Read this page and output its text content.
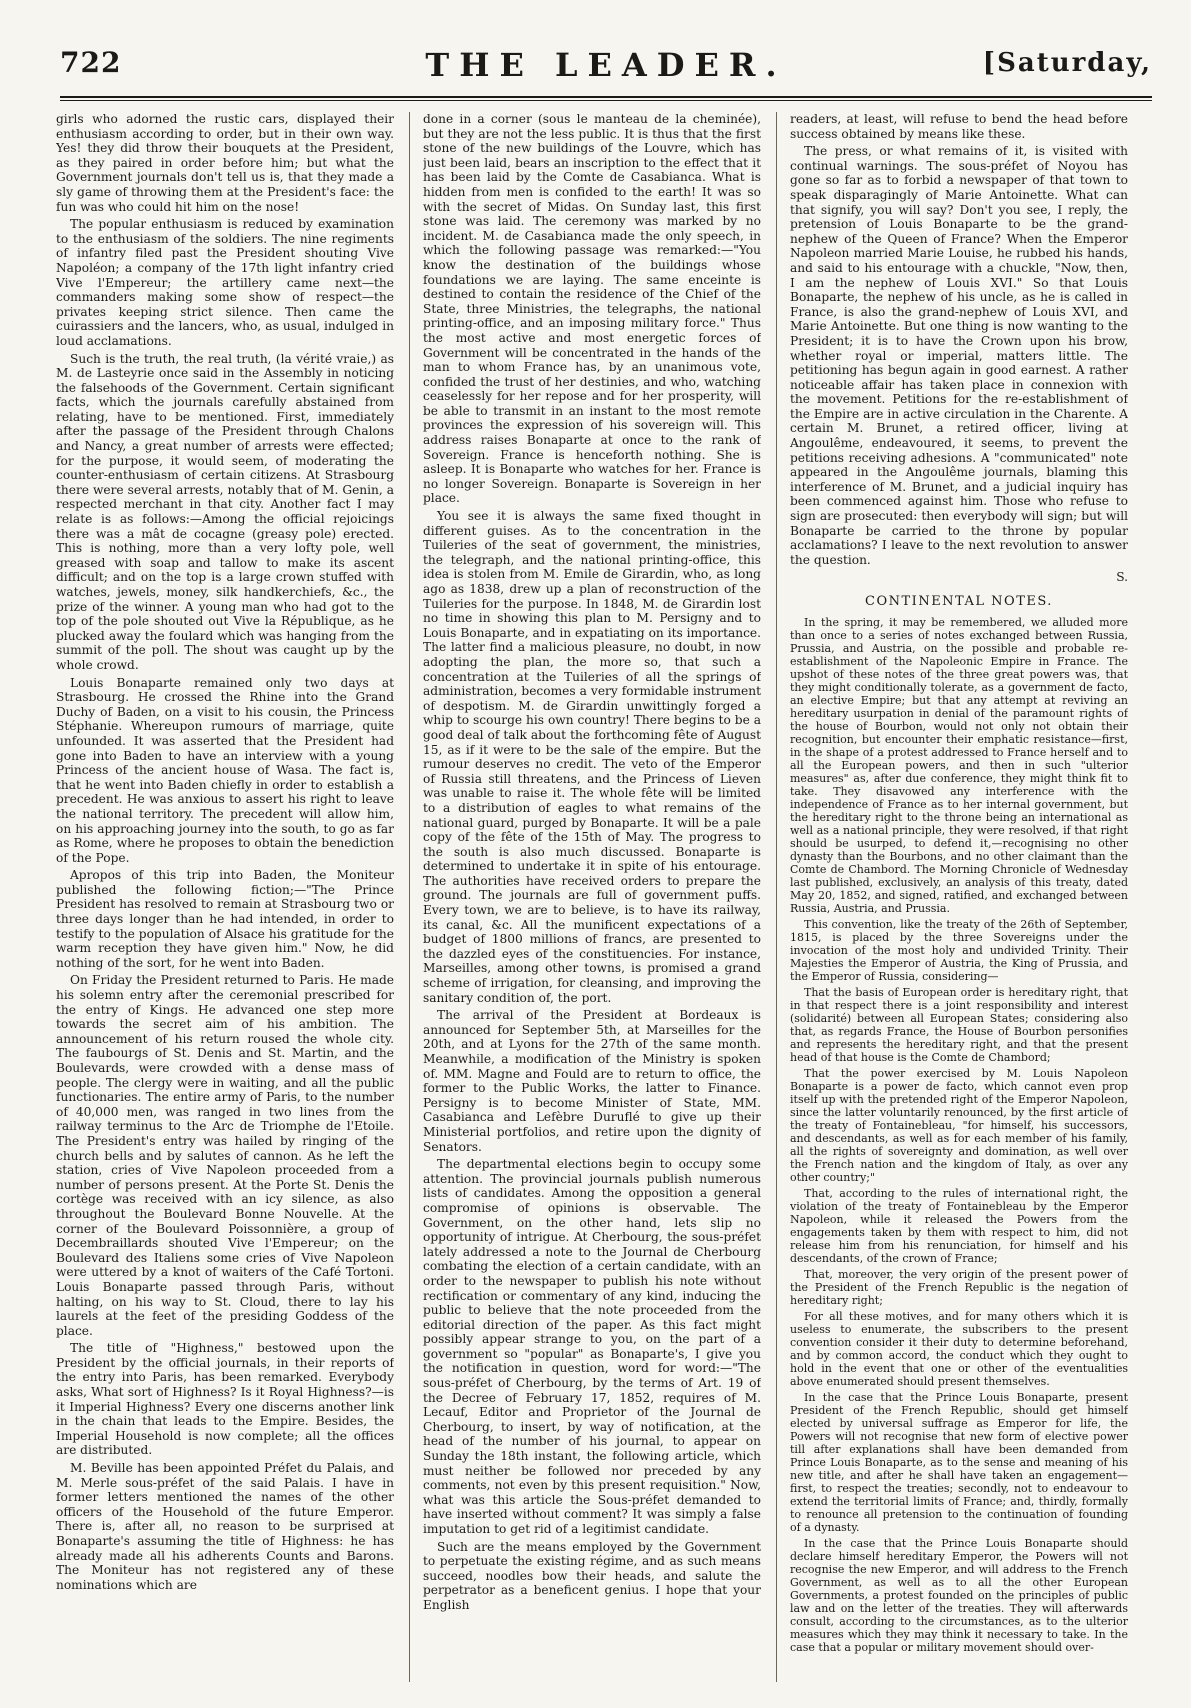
722	THE LEADER.	[Saturday,

girls who adorned the rustic cars, displayed their enthusiasm according to order, but in their own way. Yes! they did throw their bouquets at the President, as they paired in order before him; but what the Government journals don't tell us is, that they made a sly game of throwing them at the President's face: the fun was who could hit him on the nose!

The popular enthusiasm is reduced by examination to the enthusiasm of the soldiers. The nine regiments of infantry filed past the President shouting Vive Napoléon; a company of the 17th light infantry cried Vive l'Empereur; the artillery came next—the commanders making some show of respect—the privates keeping strict silence. Then came the cuirassiers and the lancers, who, as usual, indulged in loud acclamations.

Such is the truth, the real truth, (la vérité vraie,) as M. de Lasteyrie once said in the Assembly in noticing the falsehoods of the Government. Certain significant facts, which the journals carefully abstained from relating, have to be mentioned. First, immediately after the passage of the President through Chalons and Nancy, a great number of arrests were effected; for the purpose, it would seem, of moderating the counter-enthusiasm of certain citizens. At Strasbourg there were several arrests, notably that of M. Genin, a respected merchant in that city. Another fact I may relate is as follows:—Among the official rejoicings there was a mât de cocagne (greasy pole) erected. This is nothing, more than a very lofty pole, well greased with soap and tallow to make its ascent difficult; and on the top is a large crown stuffed with watches, jewels, money, silk handkerchiefs, &c., the prize of the winner. A young man who had got to the top of the pole shouted out Vive la République, as he plucked away the foulard which was hanging from the summit of the poll. The shout was caught up by the whole crowd.

Louis Bonaparte remained only two days at Strasbourg. He crossed the Rhine into the Grand Duchy of Baden, on a visit to his cousin, the Princess Stéphanie. Whereupon rumours of marriage, quite unfounded. It was asserted that the President had gone into Baden to have an interview with a young Princess of the ancient house of Wasa. The fact is, that he went into Baden chiefly in order to establish a precedent. He was anxious to assert his right to leave the national territory. The precedent will allow him, on his approaching journey into the south, to go as far as Rome, where he proposes to obtain the benediction of the Pope.

Apropos of this trip into Baden, the Moniteur published the following fiction;—"The Prince President has resolved to remain at Strasbourg two or three days longer than he had intended, in order to testify to the population of Alsace his gratitude for the warm reception they have given him." Now, he did nothing of the sort, for he went into Baden.

On Friday the President returned to Paris. He made his solemn entry after the ceremonial prescribed for the entry of Kings. He advanced one step more towards the secret aim of his ambition. The announcement of his return roused the whole city. The faubourgs of St. Denis and St. Martin, and the Boulevards, were crowded with a dense mass of people. The clergy were in waiting, and all the public functionaries. The entire army of Paris, to the number of 40,000 men, was ranged in two lines from the railway terminus to the Arc de Triomphe de l'Etoile. The President's entry was hailed by ringing of the church bells and by salutes of cannon. As he left the station, cries of Vive Napoleon proceeded from a number of persons present. At the Porte St. Denis the cortège was received with an icy silence, as also throughout the Boulevard Bonne Nouvelle. At the corner of the Boulevard Poissonnière, a group of Decembraillards shouted Vive l'Empereur; on the Boulevard des Italiens some cries of Vive Napoleon were uttered by a knot of waiters of the Café Tortoni. Louis Bonaparte passed through Paris, without halting, on his way to St. Cloud, there to lay his laurels at the feet of the presiding Goddess of the place.

The title of "Highness," bestowed upon the President by the official journals, in their reports of the entry into Paris, has been remarked. Everybody asks, What sort of Highness? Is it Royal Highness?—is it Imperial Highness? Every one discerns another link in the chain that leads to the Empire. Besides, the Imperial Household is now complete; all the offices are distributed.

M. Beville has been appointed Préfet du Palais, and M. Merle sous-préfet of the said Palais. I have in former letters mentioned the names of the other officers of the Household of the future Emperor. There is, after all, no reason to be surprised at Bonaparte's assuming the title of Highness: he has already made all his adherents Counts and Barons. The Moniteur has not registered any of these nominations which are

done in a corner (sous le manteau de la cheminée), but they are not the less public. It is thus that the first stone of the new buildings of the Louvre, which has just been laid, bears an inscription to the effect that it has been laid by the Comte de Casabianca. What is hidden from men is confided to the earth! It was so with the secret of Midas. On Sunday last, this first stone was laid. The ceremony was marked by no incident. M. de Casabianca made the only speech, in which the following passage was remarked:—"You know the destination of the buildings whose foundations we are laying. The same enceinte is destined to contain the residence of the Chief of the State, three Ministries, the telegraphs, the national printing-office, and an imposing military force." Thus the most active and most energetic forces of Government will be concentrated in the hands of the man to whom France has, by an unanimous vote, confided the trust of her destinies, and who, watching ceaselessly for her repose and for her prosperity, will be able to transmit in an instant to the most remote provinces the expression of his sovereign will. This address raises Bonaparte at once to the rank of Sovereign. France is henceforth nothing. She is asleep. It is Bonaparte who watches for her. France is no longer Sovereign. Bonaparte is Sovereign in her place.

You see it is always the same fixed thought in different guises. As to the concentration in the Tuileries of the seat of government, the ministries, the telegraph, and the national printing-office, this idea is stolen from M. Emile de Girardin, who, as long ago as 1838, drew up a plan of reconstruction of the Tuileries for the purpose. In 1848, M. de Girardin lost no time in showing this plan to M. Persigny and to Louis Bonaparte, and in expatiating on its importance. The latter find a malicious pleasure, no doubt, in now adopting the plan, the more so, that such a concentration at the Tuileries of all the springs of administration, becomes a very formidable instrument of despotism. M. de Girardin unwittingly forged a whip to scourge his own country! There begins to be a good deal of talk about the forthcoming fête of August 15, as if it were to be the sale of the empire. But the rumour deserves no credit. The veto of the Emperor of Russia still threatens, and the Princess of Lieven was unable to raise it. The whole fête will be limited to a distribution of eagles to what remains of the national guard, purged by Bonaparte. It will be a pale copy of the fête of the 15th of May. The progress to the south is also much discussed. Bonaparte is determined to undertake it in spite of his entourage. The authorities have received orders to prepare the ground. The journals are full of government puffs. Every town, we are to believe, is to have its railway, its canal, &c. All the munificent expectations of a budget of 1800 millions of francs, are presented to the dazzled eyes of the constituencies. For instance, Marseilles, among other towns, is promised a grand scheme of irrigation, for cleansing, and improving the sanitary condition of, the port.

The arrival of the President at Bordeaux is announced for September 5th, at Marseilles for the 20th, and at Lyons for the 27th of the same month. Meanwhile, a modification of the Ministry is spoken of. MM. Magne and Fould are to return to office, the former to the Public Works, the latter to Finance. Persigny is to become Minister of State, MM. Casabianca and Lefèbre Duruflé to give up their Ministerial portfolios, and retire upon the dignity of Senators.

The departmental elections begin to occupy some attention. The provincial journals publish numerous lists of candidates. Among the opposition a general compromise of opinions is observable. The Government, on the other hand, lets slip no opportunity of intrigue. At Cherbourg, the sous-préfet lately addressed a note to the Journal de Cherbourg combating the election of a certain candidate, with an order to the newspaper to publish his note without rectification or commentary of any kind, inducing the public to believe that the note proceeded from the editorial direction of the paper. As this fact might possibly appear strange to you, on the part of a government so "popular" as Bonaparte's, I give you the notification in question, word for word:—"The sous-préfet of Cherbourg, by the terms of Art. 19 of the Decree of February 17, 1852, requires of M. Lecauf, Editor and Proprietor of the Journal de Cherbourg, to insert, by way of notification, at the head of the number of his journal, to appear on Sunday the 18th instant, the following article, which must neither be followed nor preceded by any comments, not even by this present requisition." Now, what was this article the Sous-préfet demanded to have inserted without comment? It was simply a false imputation to get rid of a legitimist candidate.

Such are the means employed by the Government to perpetuate the existing régime, and as such means succeed, noodles bow their heads, and salute the perpetrator as a beneficent genius. I hope that your English

readers, at least, will refuse to bend the head before success obtained by means like these.

The press, or what remains of it, is visited with continual warnings. The sous-préfet of Noyou has gone so far as to forbid a newspaper of that town to speak disparagingly of Marie Antoinette. What can that signify, you will say? Don't you see, I reply, the pretension of Louis Bonaparte to be the grand-nephew of the Queen of France? When the Emperor Napoleon married Marie Louise, he rubbed his hands, and said to his entourage with a chuckle, "Now, then, I am the nephew of Louis XVI." So that Louis Bonaparte, the nephew of his uncle, as he is called in France, is also the grand-nephew of Louis XVI, and Marie Antoinette. But one thing is now wanting to the President; it is to have the Crown upon his brow, whether royal or imperial, matters little. The petitioning has begun again in good earnest. A rather noticeable affair has taken place in connexion with the movement. Petitions for the re-establishment of the Empire are in active circulation in the Charente. A certain M. Brunet, a retired officer, living at Angoulême, endeavoured, it seems, to prevent the petitions receiving adhesions. A "communicated" note appeared in the Angoulême journals, blaming this interference of M. Brunet, and a judicial inquiry has been commenced against him. Those who refuse to sign are prosecuted: then everybody will sign; but will Bonaparte be carried to the throne by popular acclamations? I leave to the next revolution to answer the question.

S.

CONTINENTAL NOTES.

In the spring, it may be remembered, we alluded more than once to a series of notes exchanged between Russia, Prussia, and Austria, on the possible and probable re-establishment of the Napoleonic Empire in France. The upshot of these notes of the three great powers was, that they might conditionally tolerate, as a government de facto, an elective Empire; but that any attempt at reviving an hereditary usurpation in denial of the paramount rights of the house of Bourbon, would not only not obtain their recognition, but encounter their emphatic resistance—first, in the shape of a protest addressed to France herself and to all the European powers, and then in such "ulterior measures" as, after due conference, they might think fit to take. They disavowed any interference with the independence of France as to her internal government, but the hereditary right to the throne being an international as well as a national principle, they were resolved, if that right should be usurped, to defend it,—recognising no other dynasty than the Bourbons, and no other claimant than the Comte de Chambord. The Morning Chronicle of Wednesday last published, exclusively, an analysis of this treaty, dated May 20, 1852, and signed, ratified, and exchanged between Russia, Austria, and Prussia.

This convention, like the treaty of the 26th of September, 1815, is placed by the three Sovereigns under the invocation of the most holy and undivided Trinity. Their Majesties the Emperor of Austria, the King of Prussia, and the Emperor of Russia, considering—

That the basis of European order is hereditary right, that in that respect there is a joint responsibility and interest (solidarité) between all European States; considering also that, as regards France, the House of Bourbon personifies and represents the hereditary right, and that the present head of that house is the Comte de Chambord;

That the power exercised by M. Louis Napoleon Bonaparte is a power de facto, which cannot even prop itself up with the pretended right of the Emperor Napoleon, since the latter voluntarily renounced, by the first article of the treaty of Fontainebleau, "for himself, his successors, and descendants, as well as for each member of his family, all the rights of sovereignty and domination, as well over the French nation and the kingdom of Italy, as over any other country;"

That, according to the rules of international right, the violation of the treaty of Fontainebleau by the Emperor Napoleon, while it released the Powers from the engagements taken by them with respect to him, did not release him from his renunciation, for himself and his descendants, of the crown of France;

That, moreover, the very origin of the present power of the President of the French Republic is the negation of hereditary right;

For all these motives, and for many others which it is useless to enumerate, the subscribers to the present convention consider it their duty to determine beforehand, and by common accord, the conduct which they ought to hold in the event that one or other of the eventualities above enumerated should present themselves.

In the case that the Prince Louis Bonaparte, present President of the French Republic, should get himself elected by universal suffrage as Emperor for life, the Powers will not recognise that new form of elective power till after explanations shall have been demanded from Prince Louis Bonaparte, as to the sense and meaning of his new title, and after he shall have taken an engagement—first, to respect the treaties; secondly, not to endeavour to extend the territorial limits of France; and, thirdly, formally to renounce all pretension to the continuation of founding of a dynasty.

In the case that the Prince Louis Bonaparte should declare himself hereditary Emperor, the Powers will not recognise the new Emperor, and will address to the French Government, as well as to all the other European Governments, a protest founded on the principles of public law and on the letter of the treaties. They will afterwards consult, according to the circumstances, as to the ulterior measures which they may think it necessary to take. In the case that a popular or military movement should over-
